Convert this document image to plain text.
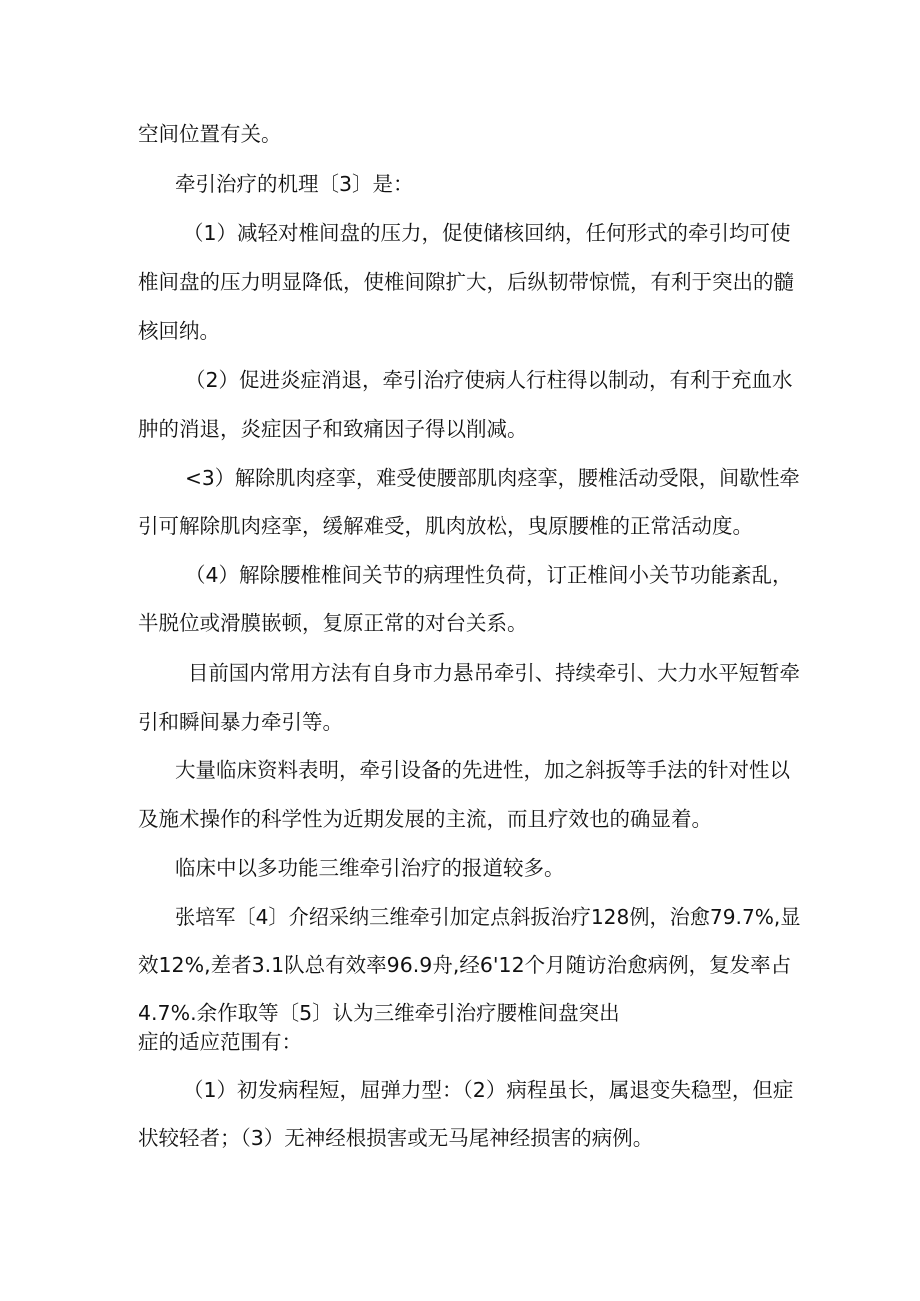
空间位置有关。
牵引治疗的机理〔3〕是：
（1）减轻对椎间盘的压力，促使储核回纳，任何形式的牵引均可使
椎间盘的压力明显降低，使椎间隙扩大，后纵韧带惊慌，有利于突出的髓
核回纳。
（2）促进炎症消退，牵引治疗使病人行柱得以制动，有利于充血水
肿的消退，炎症因子和致痛因子得以削减。
<3）解除肌肉痉挛，难受使腰部肌肉痉挛，腰椎活动受限，间歇性牵
引可解除肌肉痉挛，缓解难受，肌肉放松，曳原腰椎的正常活动度。
（4）解除腰椎椎间关节的病理性负荷，订正椎间小关节功能紊乱，
半脱位或滑膜嵌顿，复原正常的对台关系。
目前国内常用方法有自身市力悬吊牵引、持续牵引、大力水平短暂牵
引和瞬间暴力牵引等。
大量临床资料表明，牵引设备的先进性，加之斜扳等手法的针对性以
及施术操作的科学性为近期发展的主流，而且疗效也的确显着。
临床中以多功能三维牵引治疗的报道较多。
张培军〔4〕介绍采纳三维牵引加定点斜扳治疗128例，治愈79.7%,显
效12%,差者3.1队总有效率96.9舟,经6'12个月随访治愈病例，复发率占
4.7%.余作取等〔5〕认为三维牵引治疗腰椎间盘突出
症的适应范围有：
（1）初发病程短，屈弹力型：（2）病程虽长，属退变失稳型，但症
状较轻者；（3）无神经根损害或无马尾神经损害的病例。
